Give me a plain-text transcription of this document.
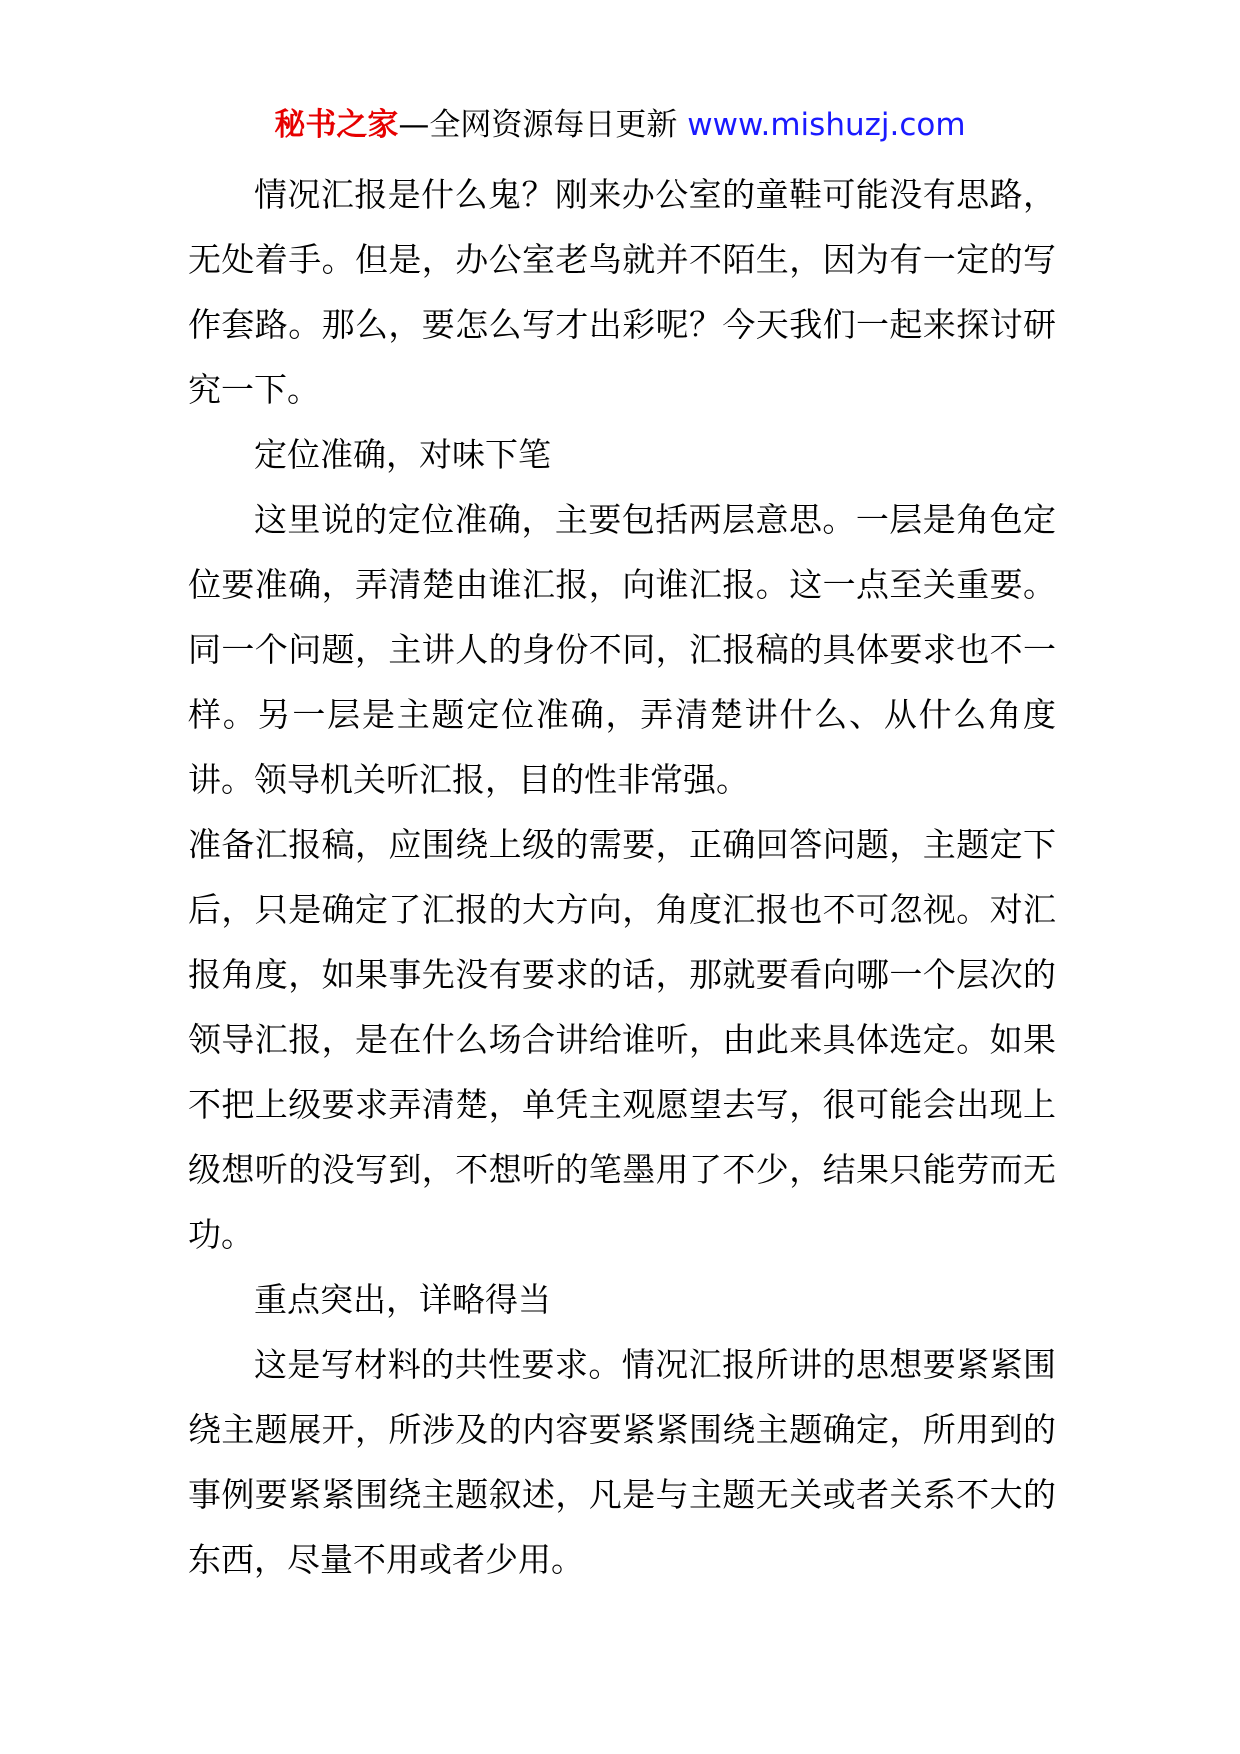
秘书之家—全网资源每日更新 www.mishuzj.com

情况汇报是什么鬼？刚来办公室的童鞋可能没有思路，无处着手。但是，办公室老鸟就并不陌生，因为有一定的写作套路。那么，要怎么写才出彩呢？今天我们一起来探讨研究一下。

定位准确，对味下笔

这里说的定位准确，主要包括两层意思。一层是角色定位要准确，弄清楚由谁汇报，向谁汇报。这一点至关重要。同一个问题，主讲人的身份不同，汇报稿的具体要求也不一样。另一层是主题定位准确，弄清楚讲什么、从什么角度讲。领导机关听汇报，目的性非常强。

准备汇报稿，应围绕上级的需要，正确回答问题，主题定下后，只是确定了汇报的大方向，角度汇报也不可忽视。对汇报角度，如果事先没有要求的话，那就要看向哪一个层次的领导汇报，是在什么场合讲给谁听，由此来具体选定。如果不把上级要求弄清楚，单凭主观愿望去写，很可能会出现上级想听的没写到，不想听的笔墨用了不少，结果只能劳而无功。

重点突出，详略得当

这是写材料的共性要求。情况汇报所讲的思想要紧紧围绕主题展开，所涉及的内容要紧紧围绕主题确定，所用到的事例要紧紧围绕主题叙述，凡是与主题无关或者关系不大的东西，尽量不用或者少用。
